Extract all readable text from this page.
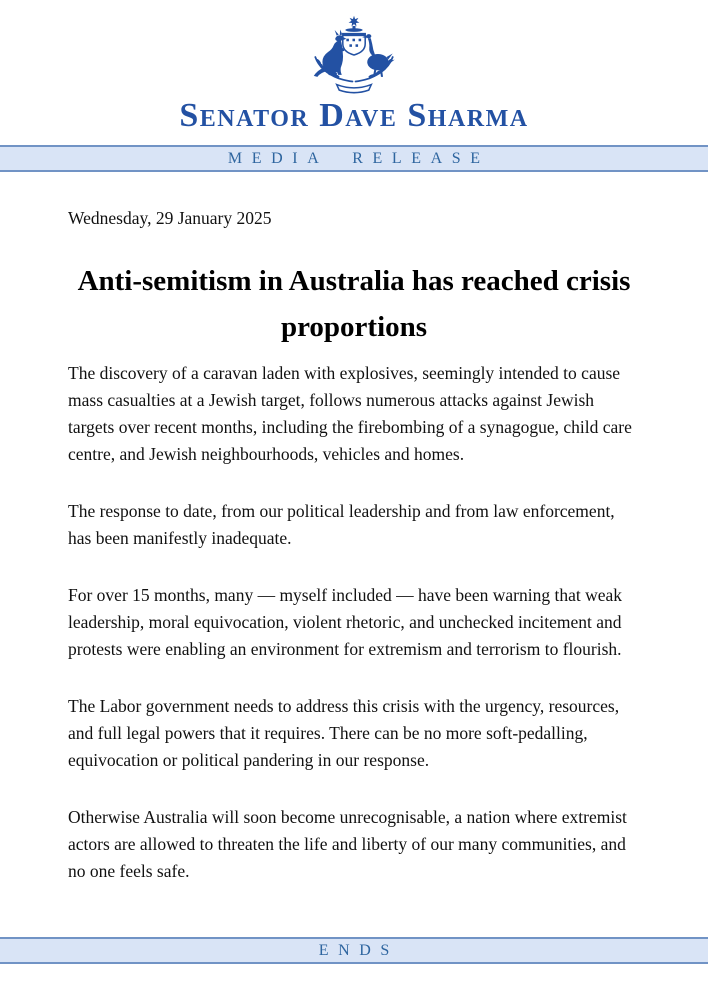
Senator Dave Sharma
MEDIA RELEASE

Wednesday, 29 January 2025

Anti-semitism in Australia has reached crisis proportions

The discovery of a caravan laden with explosives, seemingly intended to cause mass casualties at a Jewish target, follows numerous attacks against Jewish targets over recent months, including the firebombing of a synagogue, child care centre, and Jewish neighbourhoods, vehicles and homes.

The response to date, from our political leadership and from law enforcement, has been manifestly inadequate.

For over 15 months, many — myself included — have been warning that weak leadership, moral equivocation, violent rhetoric, and unchecked incitement and protests were enabling an environment for extremism and terrorism to flourish.

The Labor government needs to address this crisis with the urgency, resources, and full legal powers that it requires. There can be no more soft-pedalling, equivocation or political pandering in our response.

Otherwise Australia will soon become unrecognisable, a nation where extremist actors are allowed to threaten the life and liberty of our many communities, and no one feels safe.

ENDS
